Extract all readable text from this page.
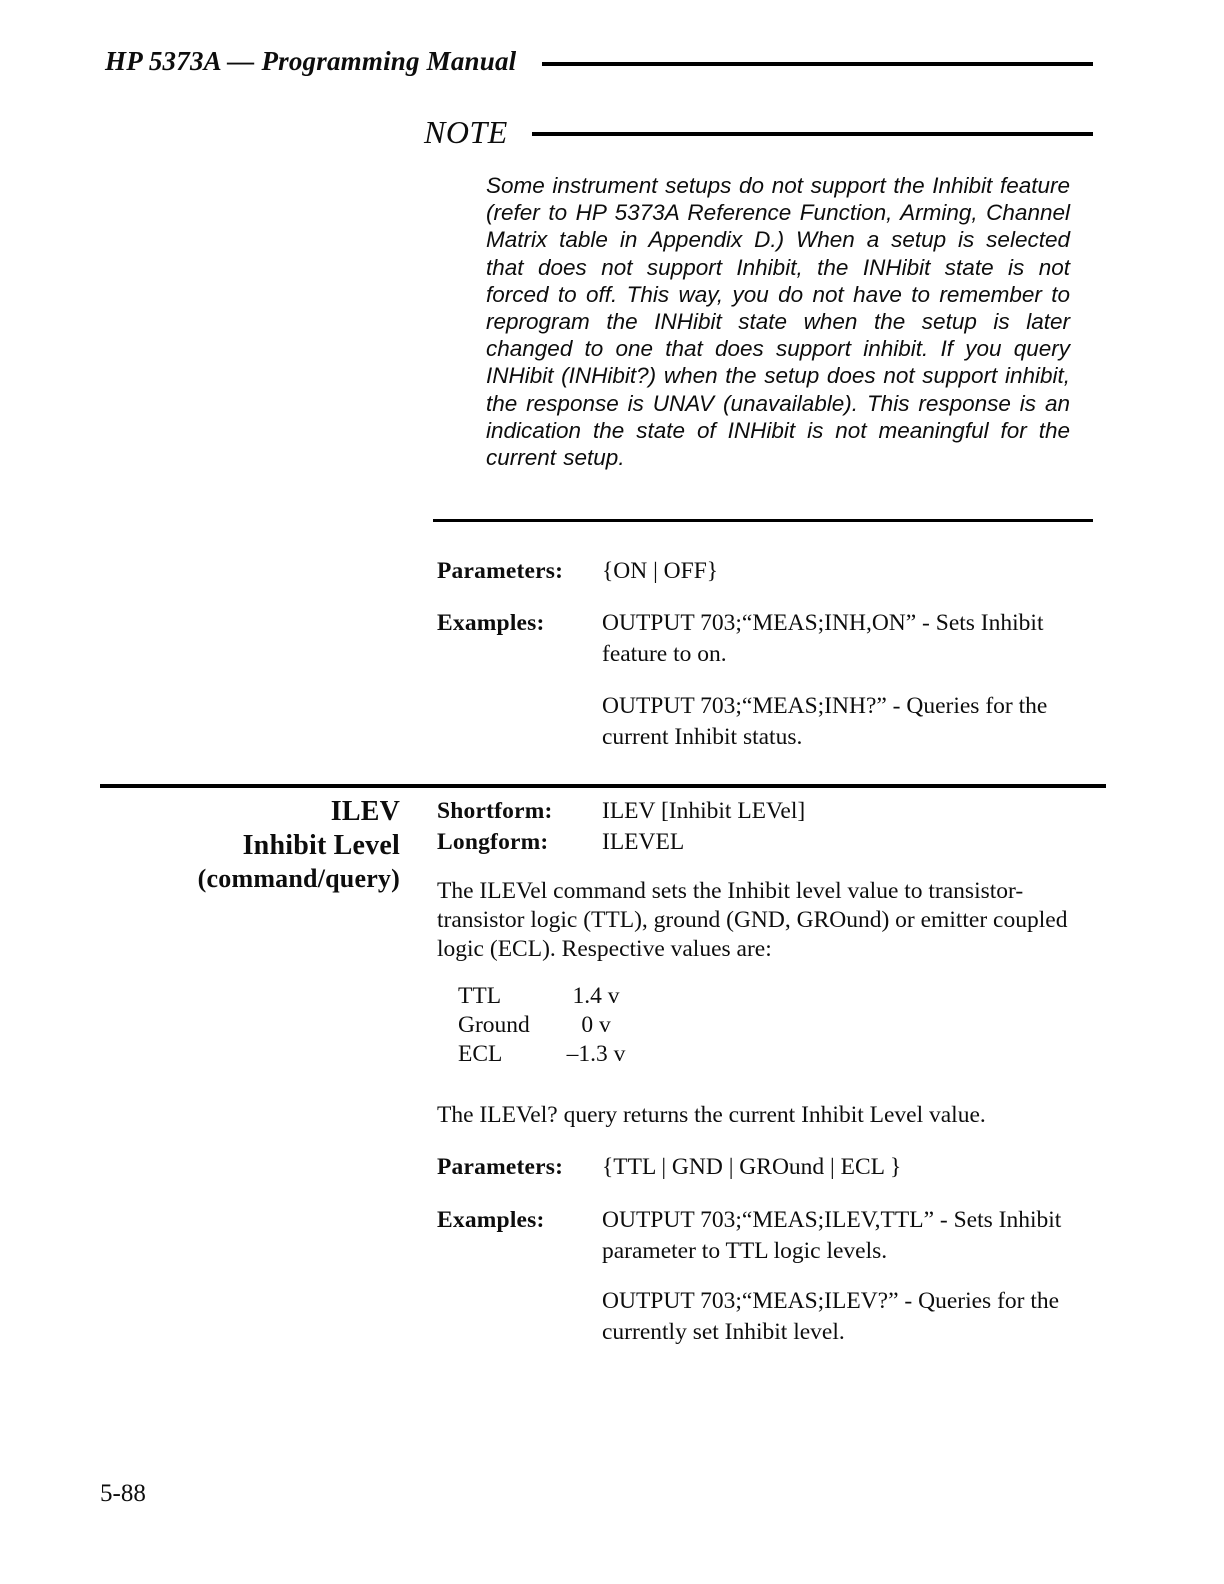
HP 5373A — Programming Manual
NOTE
Some instrument setups do not support the Inhibit feature (refer to HP 5373A Reference Function, Arming, Channel Matrix table in Appendix D.) When a setup is selected that does not support Inhibit, the INHibit state is not forced to off. This way, you do not have to remember to reprogram the INHibit state when the setup is later changed to one that does support inhibit. If you query INHibit (INHibit?) when the setup does not support inhibit, the response is UNAV (unavailable). This response is an indication the state of INHibit is not meaningful for the current setup.
Parameters:	{ON | OFF}
Examples:	OUTPUT 703;“MEAS;INH,ON” - Sets Inhibit feature to on.
OUTPUT 703;“MEAS;INH?” - Queries for the current Inhibit status.
ILEV
Inhibit Level
(command/query)
Shortform:	ILEV [Inhibit LEVel]
Longform:	ILEVEL
The ILEVel command sets the Inhibit level value to transistor-transistor logic (TTL), ground (GND, GROund) or emitter coupled logic (ECL). Respective values are:
TTL	1.4 v
Ground	0 v
ECL	–1.3 v
The ILEVel? query returns the current Inhibit Level value.
Parameters:	{TTL | GND | GROund | ECL }
Examples:	OUTPUT 703;“MEAS;ILEV,TTL” - Sets Inhibit parameter to TTL logic levels.
OUTPUT 703;“MEAS;ILEV?” - Queries for the currently set Inhibit level.
5-88
